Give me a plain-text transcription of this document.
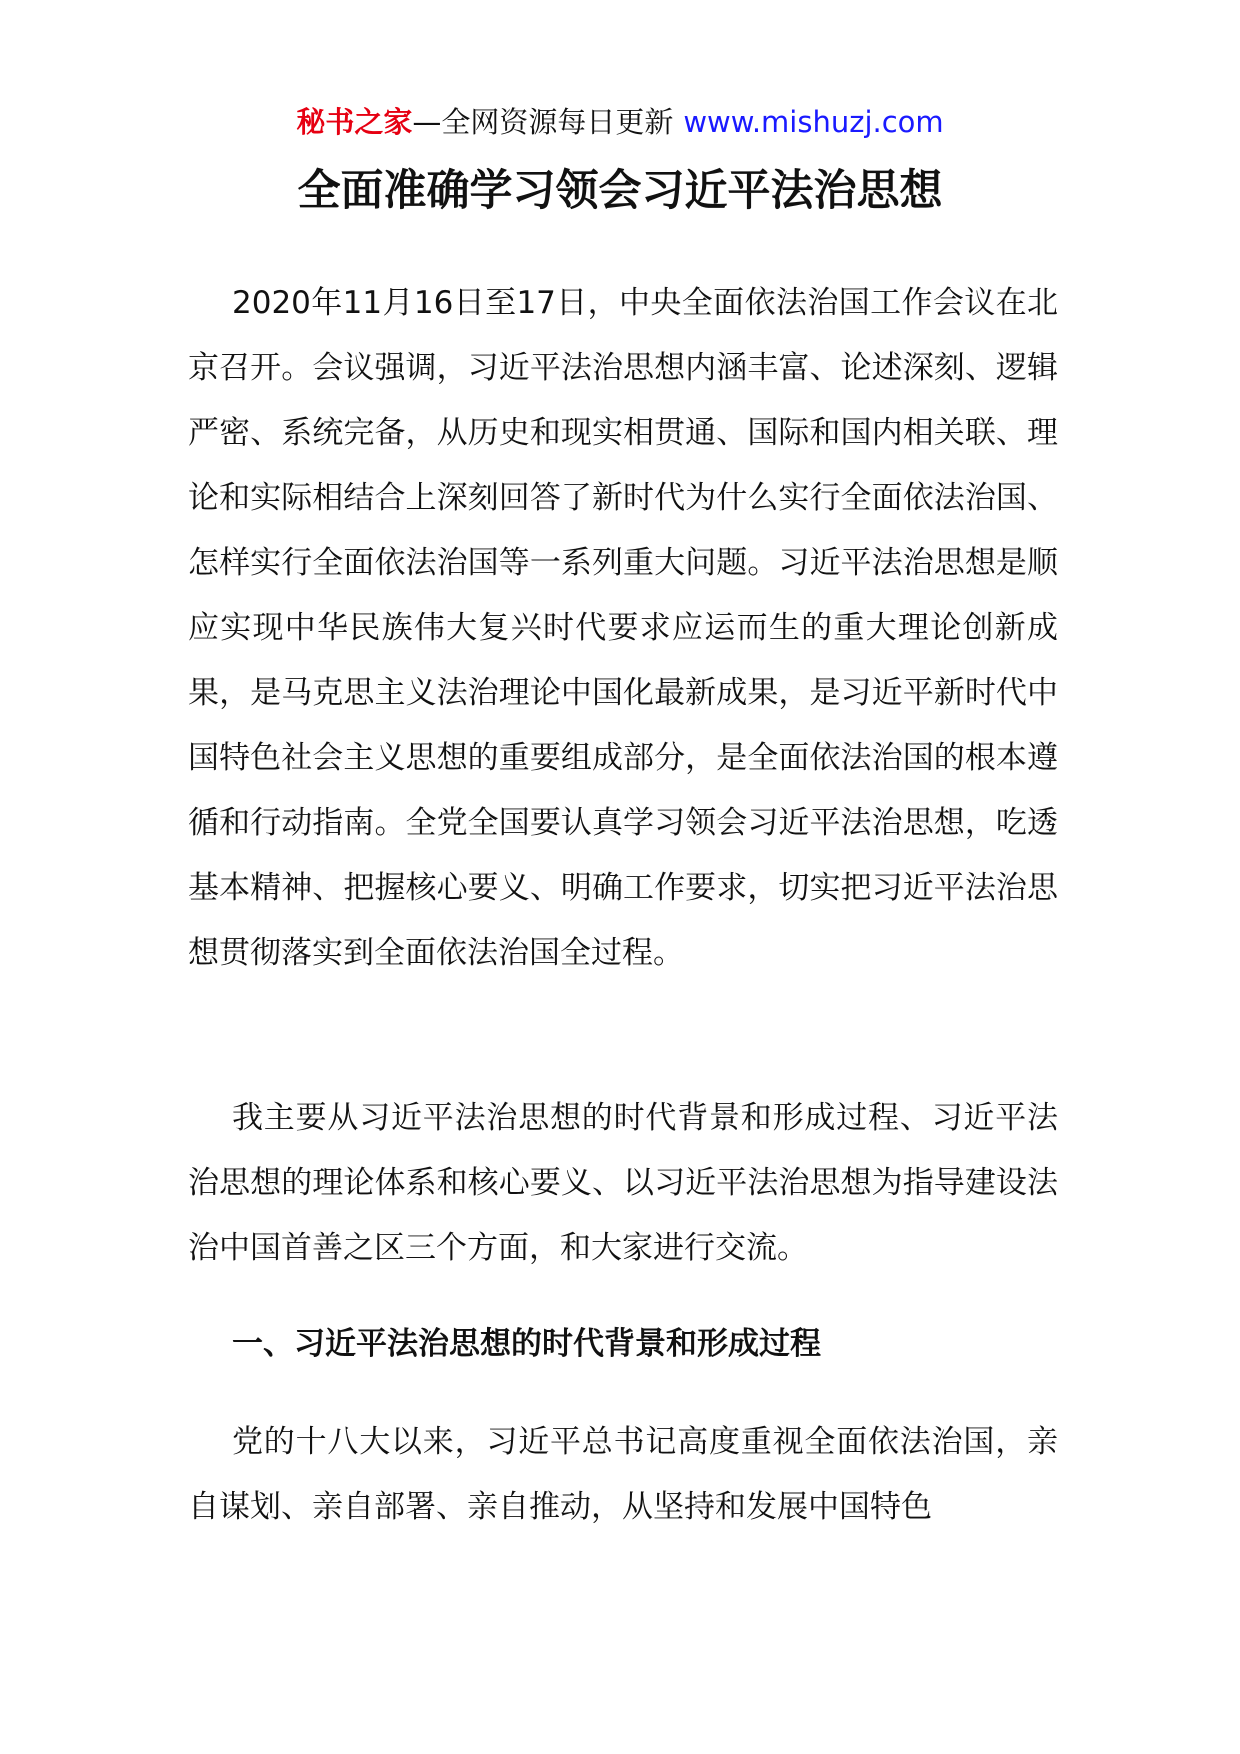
秘书之家—全网资源每日更新 www.mishuzj.com
全面准确学习领会习近平法治思想

2020年11月16日至17日，中央全面依法治国工作会议在北京召开。会议强调，习近平法治思想内涵丰富、论述深刻、逻辑严密、系统完备，从历史和现实相贯通、国际和国内相关联、理论和实际相结合上深刻回答了新时代为什么实行全面依法治国、怎样实行全面依法治国等一系列重大问题。习近平法治思想是顺应实现中华民族伟大复兴时代要求应运而生的重大理论创新成果，是马克思主义法治理论中国化最新成果，是习近平新时代中国特色社会主义思想的重要组成部分，是全面依法治国的根本遵循和行动指南。全党全国要认真学习领会习近平法治思想，吃透基本精神、把握核心要义、明确工作要求，切实把习近平法治思想贯彻落实到全面依法治国全过程。

我主要从习近平法治思想的时代背景和形成过程、习近平法治思想的理论体系和核心要义、以习近平法治思想为指导建设法治中国首善之区三个方面，和大家进行交流。

一、习近平法治思想的时代背景和形成过程

党的十八大以来，习近平总书记高度重视全面依法治国，亲自谋划、亲自部署、亲自推动，从坚持和发展中国特色
